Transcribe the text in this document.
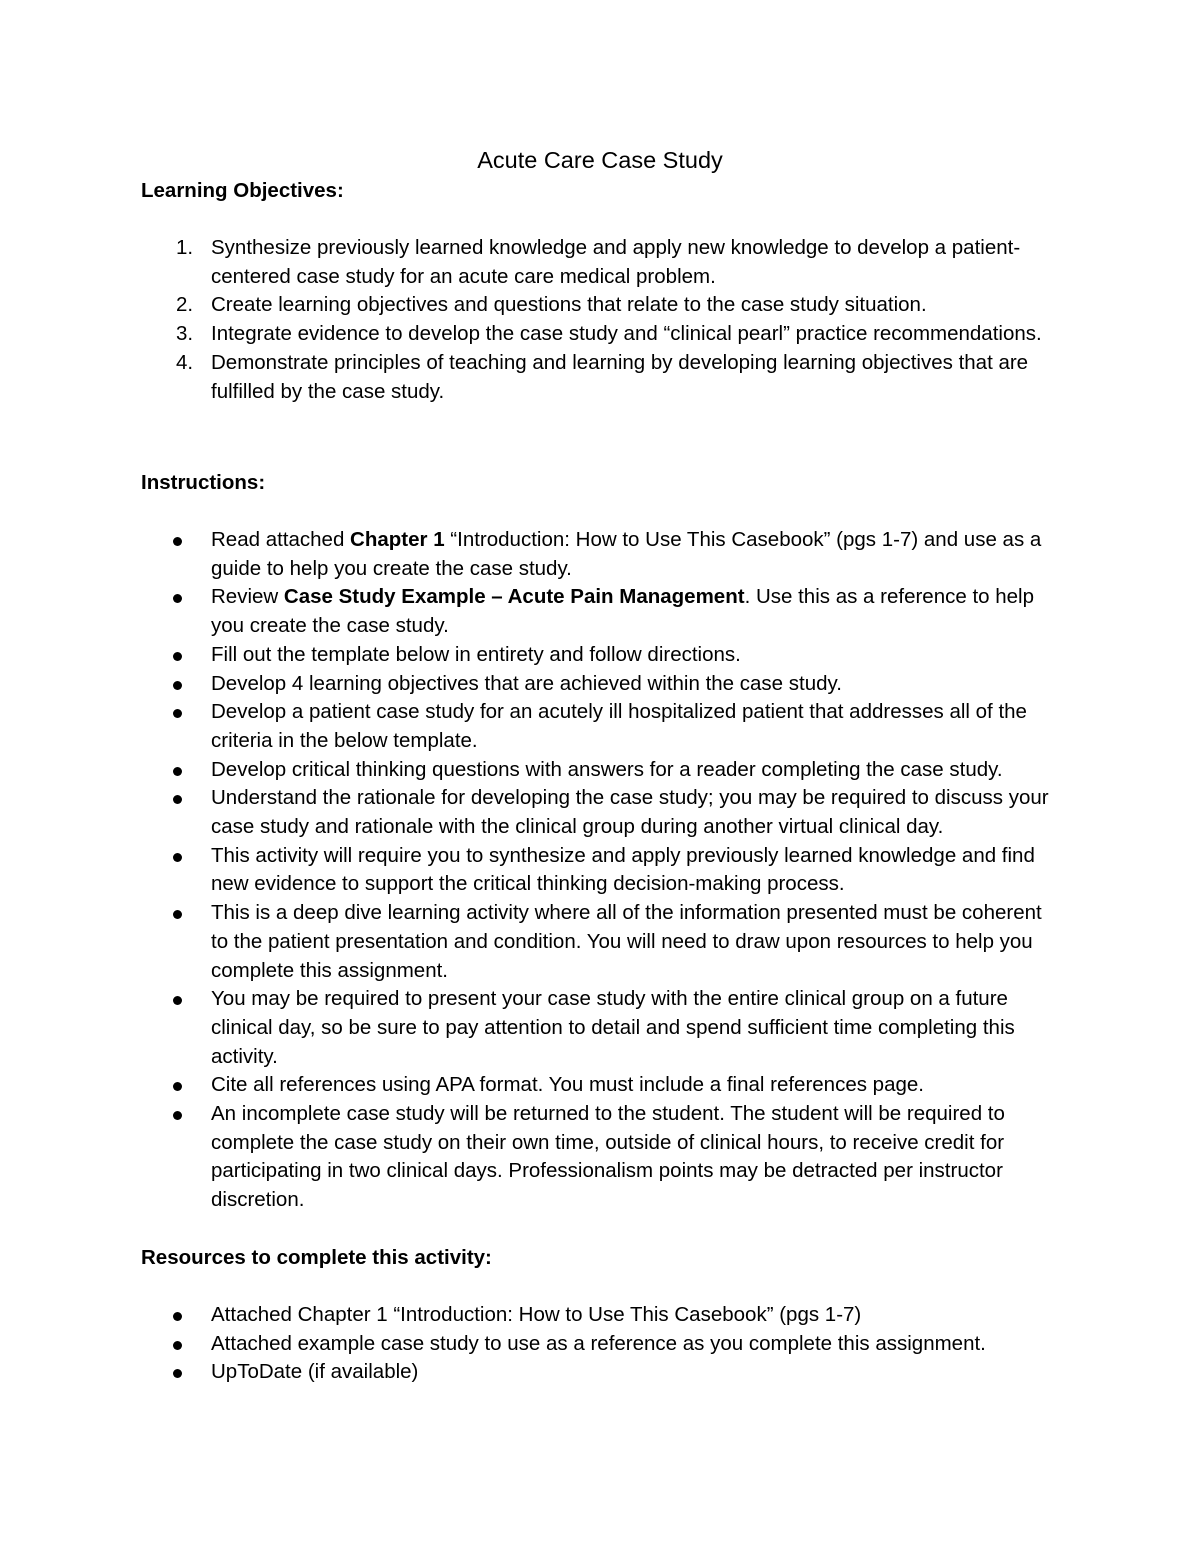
Acute Care Case Study
Learning Objectives:
1. Synthesize previously learned knowledge and apply new knowledge to develop a patient-centered case study for an acute care medical problem.
2. Create learning objectives and questions that relate to the case study situation.
3. Integrate evidence to develop the case study and “clinical pearl” practice recommendations.
4. Demonstrate principles of teaching and learning by developing learning objectives that are fulfilled by the case study.
Instructions:
Read attached Chapter 1 “Introduction: How to Use This Casebook” (pgs 1-7) and use as a guide to help you create the case study.
Review Case Study Example – Acute Pain Management. Use this as a reference to help you create the case study.
Fill out the template below in entirety and follow directions.
Develop 4 learning objectives that are achieved within the case study.
Develop a patient case study for an acutely ill hospitalized patient that addresses all of the criteria in the below template.
Develop critical thinking questions with answers for a reader completing the case study.
Understand the rationale for developing the case study; you may be required to discuss your case study and rationale with the clinical group during another virtual clinical day.
This activity will require you to synthesize and apply previously learned knowledge and find new evidence to support the critical thinking decision-making process.
This is a deep dive learning activity where all of the information presented must be coherent to the patient presentation and condition. You will need to draw upon resources to help you complete this assignment.
You may be required to present your case study with the entire clinical group on a future clinical day, so be sure to pay attention to detail and spend sufficient time completing this activity.
Cite all references using APA format. You must include a final references page.
An incomplete case study will be returned to the student. The student will be required to complete the case study on their own time, outside of clinical hours, to receive credit for participating in two clinical days. Professionalism points may be detracted per instructor discretion.
Resources to complete this activity:
Attached Chapter 1 “Introduction: How to Use This Casebook” (pgs 1-7)
Attached example case study to use as a reference as you complete this assignment.
UpToDate (if available)
